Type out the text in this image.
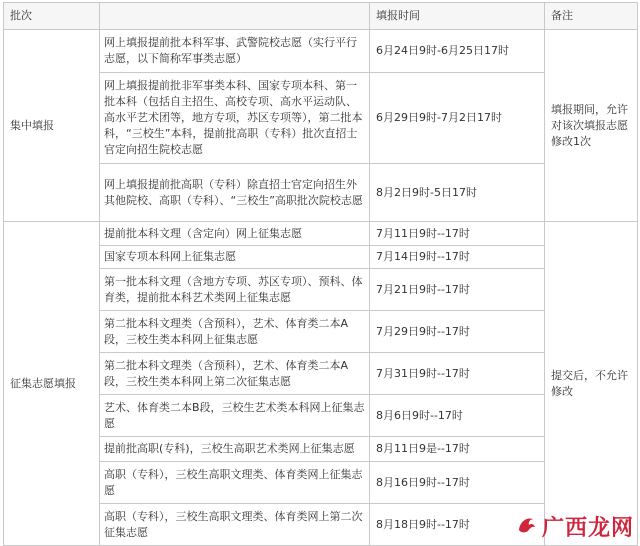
批次		填报时间	备注
集中填报	网上填报提前批本科军事、武警院校志愿（实行平行志愿，以下简称军事类志愿）	6月24日9时-6月25日17时	填报期间，允许对该次填报志愿修改1次
	网上填报提前批非军事类本科、国家专项本科、第一批本科（包括自主招生、高校专项、高水平运动队、高水平艺术团等，地方专项，苏区专项等），第二批本科，“三校生”本科，提前批高职（专科）批次直招士官定向招生院校志愿	6月29日9时-7月2日17时	
	网上填报提前批高职（专科）除直招士官定向招生外其他院校、高职（专科）、“三校生”高职批次院校志愿	8月2日9时-5日17时	
征集志愿填报	提前批本科文理（含定向）网上征集志愿	7月11日9时--17时	提交后，不允许修改
	国家专项本科网上征集志愿	7月14日9时--17时	
	第一批本科文理（含地方专项、苏区专项）、预科、体育类，提前批本科艺术类网上征集志愿	7月21日9时--17时	
	第二批本科文理类（含预科），艺术、体育类二本A段，三校生类本科网上征集志愿	7月29日9时--17时	
	第二批本科文理类（含预科），艺术、体育类二本A段，三校生类本科网上第二次征集志愿	7月31日9时--17时	
	艺术、体育类二本B段，三校生艺术类本科网上征集志愿	8月6日9时--17时	
	提前批高职(专科)，三校生高职艺术类网上征集志愿	8月11日9是--17时	
	高职（专科），三校生高职文理类、体育类网上征集志愿	8月16日9时--17时	
	高职（专科），三校生高职文理类、体育类网上第二次征集志愿	8月18日9时--17时		广西龙网
